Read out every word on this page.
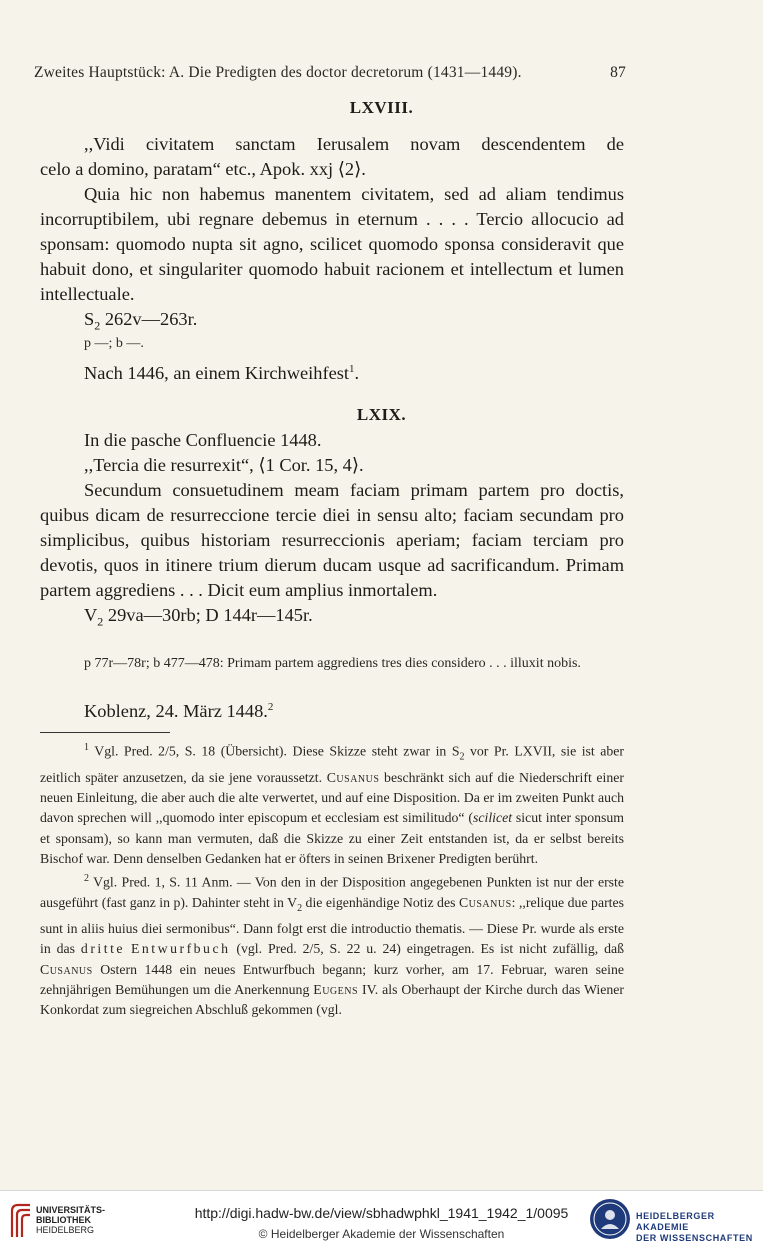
Zweites Hauptstück: A. Die Predigten des doctor decretorum (1431—1449).	87
LXVIII.

,,Vidi civitatem sanctam Ierusalem novam descendentem de

celo a domino, paratam“ etc., Apok. xxj ⟨2⟩.

Quia hic non habemus manentem civitatem, sed ad aliam tendimus incorruptibilem, ubi regnare debemus in eternum . . . . Tercio allocucio ad sponsam: quomodo nupta sit agno, scilicet quomodo sponsa consideravit que habuit dono, et singulariter quomodo habuit racionem et intellectum et lumen intellectuale.

$S_2$ 262v—263r.

p —; b —.

Nach 1446, an einem Kirchweihfest$^1$.

LXIX.

In die pasche Confluencie 1448.

,,Tercia die resurrexit“, ⟨1 Cor. 15, 4⟩.

Secundum consuetudinem meam faciam primam partem pro doctis, quibus dicam de resurreccione tercie diei in sensu alto; faciam secundam pro simplicibus, quibus historiam resurreccionis aperiam; faciam terciam pro devotis, quos in itinere trium dierum ducam usque ad sacrificandum. Primam partem aggrediens . . . Dicit eum amplius inmortalem.

$V_2$ 29va—30rb; D 144r—145r.

p 77r—78r; b 477—478: Primam partem aggrediens tres dies considero . . . illuxit nobis.

Koblenz, 24. März 1448.$^2$

$^1$ Vgl. Pred. 2/5, S. 18 (Übersicht). Diese Skizze steht zwar in $S_2$ vor Pr. LXVII, sie ist aber zeitlich später anzusetzen, da sie jene voraussetzt. Cusanus beschränkt sich auf die Niederschrift einer neuen Einleitung, die aber auch die alte verwertet, und auf eine Disposition. Da er im zweiten Punkt auch davon sprechen will ,,quomodo inter episcopum et ecclesiam est similitudo“ (scilicet sicut inter sponsum et sponsam), so kann man vermuten, daß die Skizze zu einer Zeit entstanden ist, da er selbst bereits Bischof war. Denn denselben Gedanken hat er öfters in seinen Brixener Predigten berührt.

$^2$ Vgl. Pred. 1, S. 11 Anm. — Von den in der Disposition angegebenen Punkten ist nur der erste ausgeführt (fast ganz in p). Dahinter steht in $V_2$ die eigenhändige Notiz des Cusanus: ,,relique due partes sunt in aliis huius diei sermonibus“. Dann folgt erst die introductio thematis. — Diese Pr. wurde als erste in das dritte Entwurfbuch (vgl. Pred. 2/5, S. 22 u. 24) eingetragen. Es ist nicht zufällig, daß Cusanus Ostern 1448 ein neues Entwurfbuch begann; kurz vorher, am 17. Februar, waren seine zehnjährigen Bemühungen um die Anerkennung Eugens IV. als Oberhaupt der Kirche durch das Wiener Konkordat zum siegreichen Abschluß gekommen (vgl.

UNIVERSITÄTS-
BIBLIOTHEK
HEIDELBERG
http://digi.hadw-bw.de/view/sbhadwphkl_1941_1942_1/0095
© Heidelberger Akademie der Wissenschaften
HEIDELBERGER AKADEMIE
DER WISSENSCHAFTEN
